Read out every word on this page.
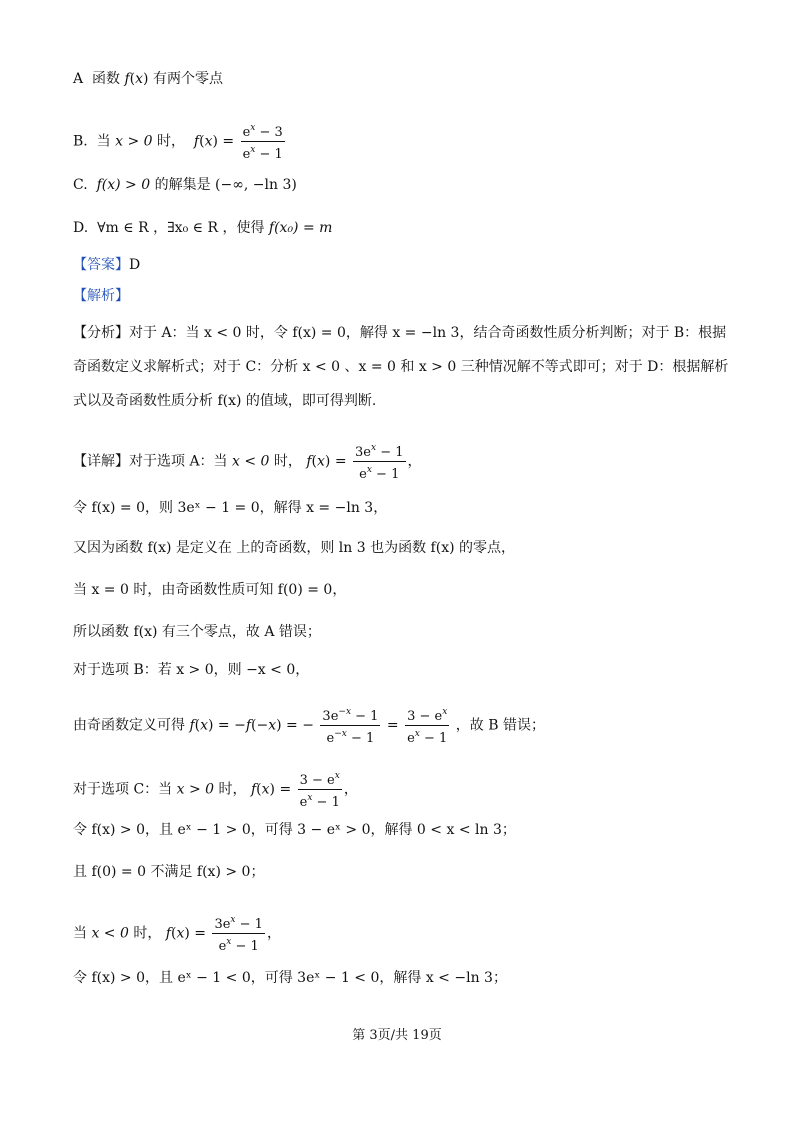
A 函数 f(x) 有两个零点
B. 当 x > 0 时， $f(x) = \frac{e^x - 3}{e^x - 1}$
C. f(x) > 0 的解集是 (−∞, −ln 3)
D. ∀m ∈ R ，∃x₀ ∈ R ，使得 f(x₀) = m
【答案】D
【解析】
【分析】对于 A：当 x < 0 时，令 f(x) = 0，解得 x = −ln 3，结合奇函数性质分析判断；对于 B：根据奇函数定义求解析式；对于 C：分析 x < 0 、x = 0 和 x > 0 三种情况解不等式即可；对于 D：根据解析式以及奇函数性质分析 f(x) 的值域，即可得判断.
【详解】对于选项 A：当 x < 0 时， $f(x) = \frac{3e^x - 1}{e^x - 1}$ ，
令 f(x) = 0，则 3eˣ − 1 = 0，解得 x = −ln 3，
又因为函数 f(x) 是定义在 上的奇函数，则 ln 3 也为函数 f(x) 的零点，
当 x = 0 时，由奇函数性质可知 f(0) = 0，
所以函数 f(x) 有三个零点，故 A 错误；
对于选项 B：若 x > 0，则 −x < 0，
由奇函数定义可得 f(x) = −f(−x) = − $\frac{3e^{-x} - 1}{e^{-x} - 1} = \frac{3 - e^x}{e^x - 1}$ ，故 B 错误；
对于选项 C：当 x > 0 时， $f(x) = \frac{3 - e^x}{e^x - 1}$ ，
令 f(x) > 0，且 eˣ − 1 > 0，可得 3 − eˣ > 0，解得 0 < x < ln 3；
且 f(0) = 0 不满足 f(x) > 0；
当 x < 0 时， $f(x) = \frac{3e^x - 1}{e^x - 1}$ ，
令 f(x) > 0，且 eˣ − 1 < 0，可得 3eˣ − 1 < 0，解得 x < −ln 3；
第 3页/共 19页
